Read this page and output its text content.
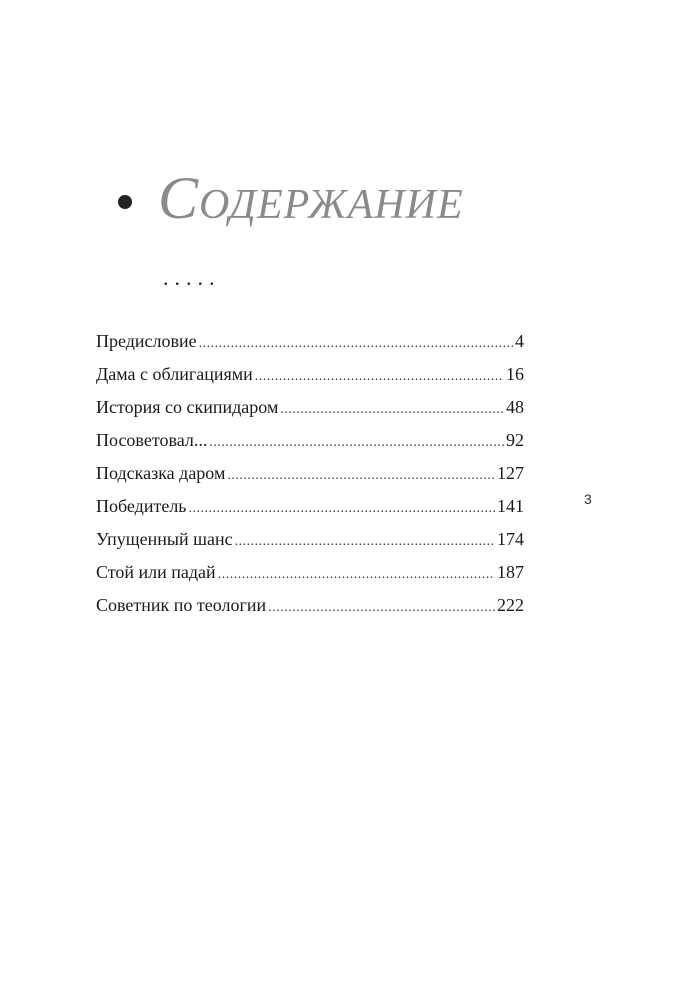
Содержание
.....
Предисловие .....	4
Дама с облигациями .....	16
История со скипидаром .....	48
Посоветовал... .....	92
Подсказка даром .....	127
Победитель .....	141
Упущенный шанс .....	174
Стой или падай .....	187
Советник по теологии .....	222
3
